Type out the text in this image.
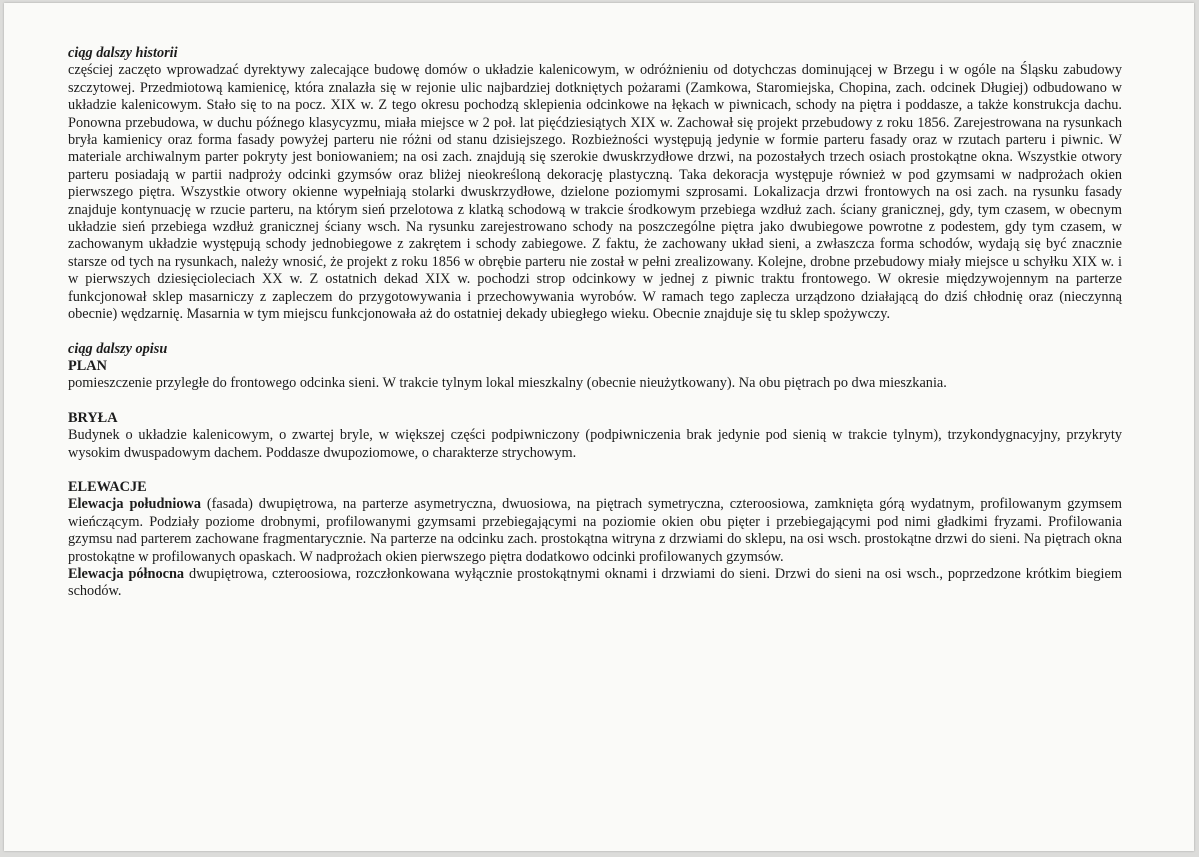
ciąg dalszy historii
częściej zaczęto wprowadzać dyrektywy zalecające budowę domów o układzie kalenicowym, w odróżnieniu od dotychczas dominującej w Brzegu i w ogóle na Śląsku zabudowy szczytowej. Przedmiotową kamienicę, która znalazła się w rejonie ulic najbardziej dotkniętych pożarami (Zamkowa, Staromiejska, Chopina, zach. odcinek Długiej) odbudowano w układzie kalenicowym. Stało się to na pocz. XIX w. Z tego okresu pochodzą sklepienia odcinkowe na łękach w piwnicach, schody na piętra i poddasze, a także konstrukcja dachu. Ponowna przebudowa, w duchu późnego klasycyzmu, miała miejsce w 2 poł. lat pięćdziesiątych XIX w. Zachował się projekt przebudowy z roku 1856. Zarejestrowana na rysunkach bryła kamienicy oraz forma fasady powyżej parteru nie różni od stanu dzisiejszego. Rozbieżności występują jedynie w formie parteru fasady oraz w rzutach parteru i piwnic. W materiale archiwalnym parter pokryty jest boniowaniem; na osi zach. znajdują się szerokie dwuskrzydłowe drzwi, na pozostałych trzech osiach prostokątne okna. Wszystkie otwory parteru posiadają w partii nadproży odcinki gzymsów oraz bliżej nieokreśloną dekorację plastyczną. Taka dekoracja występuje również w pod gzymsami w nadprożach okien pierwszego piętra. Wszystkie otwory okienne wypełniają stolarki dwuskrzydłowe, dzielone poziomymi szprosami. Lokalizacja drzwi frontowych na osi zach. na rysunku fasady znajduje kontynuację w rzucie parteru, na którym sień przelotowa z klatką schodową w trakcie środkowym przebiega wzdłuż zach. ściany granicznej, gdy, tym czasem, w obecnym układzie sień przebiega wzdłuż granicznej ściany wsch. Na rysunku zarejestrowano schody na poszczególne piętra jako dwubiegowe powrotne z podestem, gdy tym czasem, w zachowanym układzie występują schody jednobiegowe z zakrętem i schody zabiegowe. Z faktu, że zachowany układ sieni, a zwłaszcza forma schodów, wydają się być znacznie starsze od tych na rysunkach, należy wnosić, że projekt z roku 1856 w obrębie parteru nie został w pełni zrealizowany. Kolejne, drobne przebudowy miały miejsce u schyłku XIX w. i w pierwszych dziesięcioleciach XX w. Z ostatnich dekad XIX w. pochodzi strop odcinkowy w jednej z piwnic traktu frontowego. W okresie międzywojennym na parterze funkcjonował sklep masarniczy z zapleczem do przygotowywania i przechowywania wyrobów. W ramach tego zaplecza urządzono działającą do dziś chłodnię oraz (nieczynną obecnie) wędzarnię. Masarnia w tym miejscu funkcjonowała aż do ostatniej dekady ubiegłego wieku. Obecnie znajduje się tu sklep spożywczy.
ciąg dalszy opisu
PLAN
pomieszczenie przyległe do frontowego odcinka sieni. W trakcie tylnym lokal mieszkalny (obecnie nieużytkowany). Na obu piętrach po dwa mieszkania.
BRYŁA
Budynek o układzie kalenicowym, o zwartej bryle, w większej części podpiwniczony (podpiwniczenia brak jedynie pod sienią w trakcie tylnym), trzykondygnacyjny, przykryty wysokim dwuspadowym dachem. Poddasze dwupoziomowe, o charakterze strychowym.
ELEWACJE
Elewacja południowa (fasada) dwupiętrowa, na parterze asymetryczna, dwuosiowa, na piętrach symetryczna, czteroosiowa, zamknięta górą wydatnym, profilowanym gzymsem wieńczącym. Podziały poziome drobnymi, profilowanymi gzymsami przebiegającymi na poziomie okien obu pięter i przebiegającymi pod nimi gładkimi fryzami. Profilowania gzymsu nad parterem zachowane fragmentarycznie. Na parterze na odcinku zach. prostokątna witryna z drzwiami do sklepu, na osi wsch. prostokątne drzwi do sieni. Na piętrach okna prostokątne w profilowanych opaskach. W nadprożach okien pierwszego piętra dodatkowo odcinki profilowanych gzymsów.
Elewacja północna dwupiętrowa, czteroosiowa, rozczłonkowana wyłącznie prostokątnymi oknami i drzwiami do sieni. Drzwi do sieni na osi wsch., poprzedzone krótkim biegiem schodów.
